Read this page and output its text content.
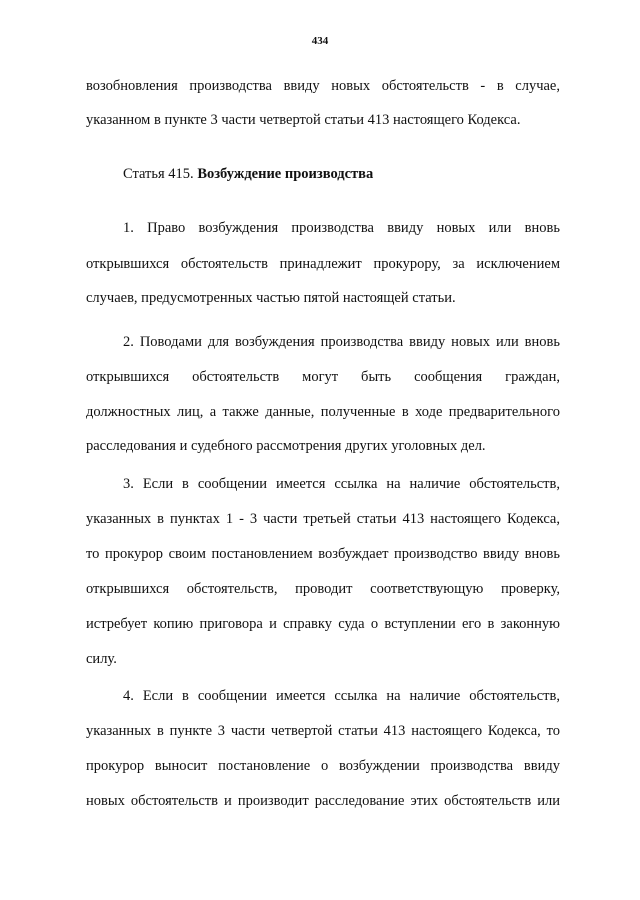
434
возобновления производства ввиду новых обстоятельств - в случае,
указанном в пункте 3 части четвертой статьи 413 настоящего Кодекса.
Статья 415. Возбуждение производства
1. Право возбуждения производства ввиду новых или вновь
открывшихся обстоятельств принадлежит прокурору, за исключением
случаев, предусмотренных частью пятой настоящей статьи.
2. Поводами для возбуждения производства ввиду новых или вновь
открывшихся обстоятельств могут быть сообщения граждан,
должностных лиц, а также данные, полученные в ходе предварительного
расследования и судебного рассмотрения других уголовных дел.
3. Если в сообщении имеется ссылка на наличие обстоятельств,
указанных в пунктах 1 - 3 части третьей статьи 413 настоящего Кодекса,
то прокурор своим постановлением возбуждает производство ввиду вновь
открывшихся обстоятельств, проводит соответствующую проверку,
истребует копию приговора и справку суда о вступлении его в законную
силу.
4. Если в сообщении имеется ссылка на наличие обстоятельств,
указанных в пункте 3 части четвертой статьи 413 настоящего Кодекса, то
прокурор выносит постановление о возбуждении производства ввиду
новых обстоятельств и производит расследование этих обстоятельств или
